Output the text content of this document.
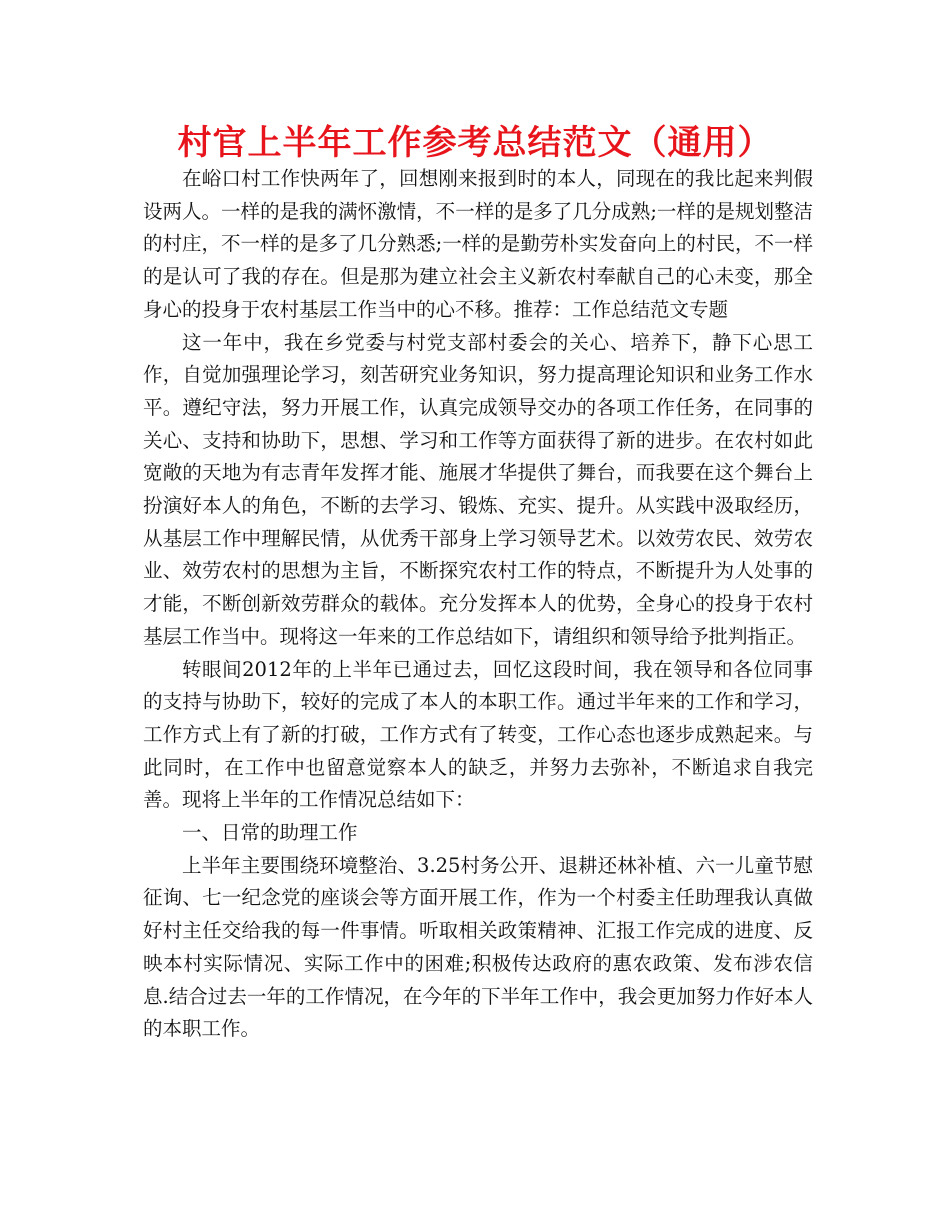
村官上半年工作参考总结范文（通用）

在峪口村工作快两年了，回想刚来报到时的本人，同现在的我比起来判假设两人。一样的是我的满怀激情，不一样的是多了几分成熟;一样的是规划整洁的村庄，不一样的是多了几分熟悉;一样的是勤劳朴实发奋向上的村民，不一样的是认可了我的存在。但是那为建立社会主义新农村奉献自己的心未变，那全身心的投身于农村基层工作当中的心不移。推荐：工作总结范文专题

这一年中，我在乡党委与村党支部村委会的关心、培养下，静下心思工作，自觉加强理论学习，刻苦研究业务知识，努力提高理论知识和业务工作水平。遵纪守法，努力开展工作，认真完成领导交办的各项工作任务，在同事的关心、支持和协助下，思想、学习和工作等方面获得了新的进步。在农村如此宽敞的天地为有志青年发挥才能、施展才华提供了舞台，而我要在这个舞台上扮演好本人的角色，不断的去学习、锻炼、充实、提升。从实践中汲取经历，从基层工作中理解民情，从优秀干部身上学习领导艺术。以效劳农民、效劳农业、效劳农村的思想为主旨，不断探究农村工作的特点，不断提升为人处事的才能，不断创新效劳群众的载体。充分发挥本人的优势，全身心的投身于农村基层工作当中。现将这一年来的工作总结如下，请组织和领导给予批判指正。

转眼间2012年的上半年已通过去，回忆这段时间，我在领导和各位同事的支持与协助下，较好的完成了本人的本职工作。通过半年来的工作和学习，工作方式上有了新的打破，工作方式有了转变，工作心态也逐步成熟起来。与此同时，在工作中也留意觉察本人的缺乏，并努力去弥补，不断追求自我完善。现将上半年的工作情况总结如下：

一、日常的助理工作

上半年主要围绕环境整治、3.25村务公开、退耕还林补植、六一儿童节慰征询、七一纪念党的座谈会等方面开展工作，作为一个村委主任助理我认真做好村主任交给我的每一件事情。听取相关政策精神、汇报工作完成的进度、反映本村实际情况、实际工作中的困难;积极传达政府的惠农政策、发布涉农信息.结合过去一年的工作情况，在今年的下半年工作中，我会更加努力作好本人的本职工作。
